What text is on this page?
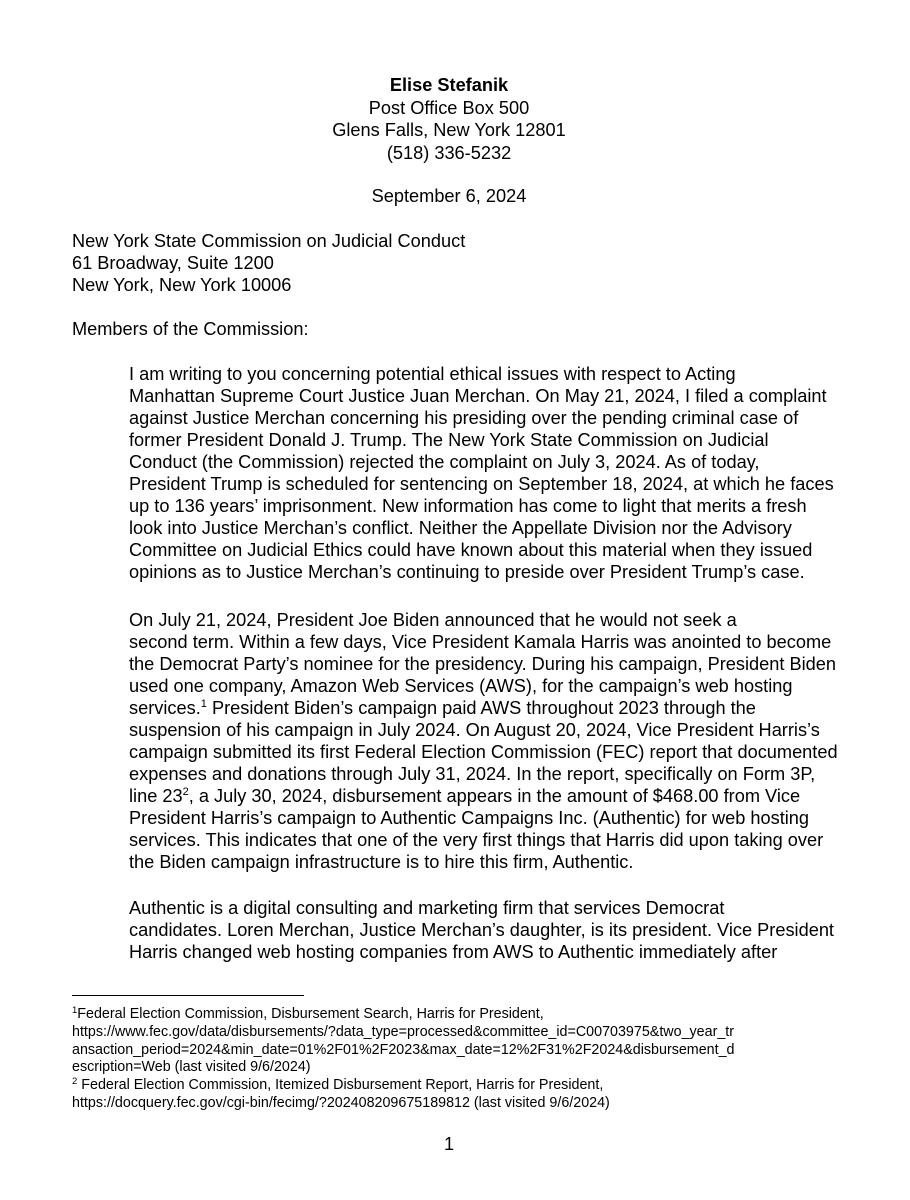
Elise Stefanik
Post Office Box 500
Glens Falls, New York 12801
(518) 336-5232
September 6, 2024
New York State Commission on Judicial Conduct
61 Broadway, Suite 1200
New York, New York 10006
Members of the Commission:
I am writing to you concerning potential ethical issues with respect to Acting
Manhattan Supreme Court Justice Juan Merchan. On May 21, 2024, I filed a complaint
against Justice Merchan concerning his presiding over the pending criminal case of
former President Donald J. Trump. The New York State Commission on Judicial
Conduct (the Commission) rejected the complaint on July 3, 2024. As of today,
President Trump is scheduled for sentencing on September 18, 2024, at which he faces
up to 136 years’ imprisonment. New information has come to light that merits a fresh
look into Justice Merchan’s conflict. Neither the Appellate Division nor the Advisory
Committee on Judicial Ethics could have known about this material when they issued
opinions as to Justice Merchan’s continuing to preside over President Trump’s case.
On July 21, 2024, President Joe Biden announced that he would not seek a
second term. Within a few days, Vice President Kamala Harris was anointed to become
the Democrat Party’s nominee for the presidency. During his campaign, President Biden
used one company, Amazon Web Services (AWS), for the campaign’s web hosting
services.$^1$ President Biden’s campaign paid AWS throughout 2023 through the
suspension of his campaign in July 2024. On August 20, 2024, Vice President Harris’s
campaign submitted its first Federal Election Commission (FEC) report that documented
expenses and donations through July 31, 2024. In the report, specifically on Form 3P,
line $23^2$, a July 30, 2024, disbursement appears in the amount of $468.00 from Vice
President Harris’s campaign to Authentic Campaigns Inc. (Authentic) for web hosting
services. This indicates that one of the very first things that Harris did upon taking over
the Biden campaign infrastructure is to hire this firm, Authentic.
Authentic is a digital consulting and marketing firm that services Democrat
candidates. Loren Merchan, Justice Merchan’s daughter, is its president. Vice President
Harris changed web hosting companies from AWS to Authentic immediately after
$^1$Federal Election Commission, Disbursement Search, Harris for President,
https://www.fec.gov/data/disbursements/?data_type=processed&committee_id=C00703975&two_year_tr
ansaction_period=2024&min_date=01%2F01%2F2023&max_date=12%2F31%2F2024&disbursement_d
escription=Web (last visited 9/6/2024)
$^2$ Federal Election Commission, Itemized Disbursement Report, Harris for President,
https://docquery.fec.gov/cgi-bin/fecimg/?202408209675189812 (last visited 9/6/2024)
1
